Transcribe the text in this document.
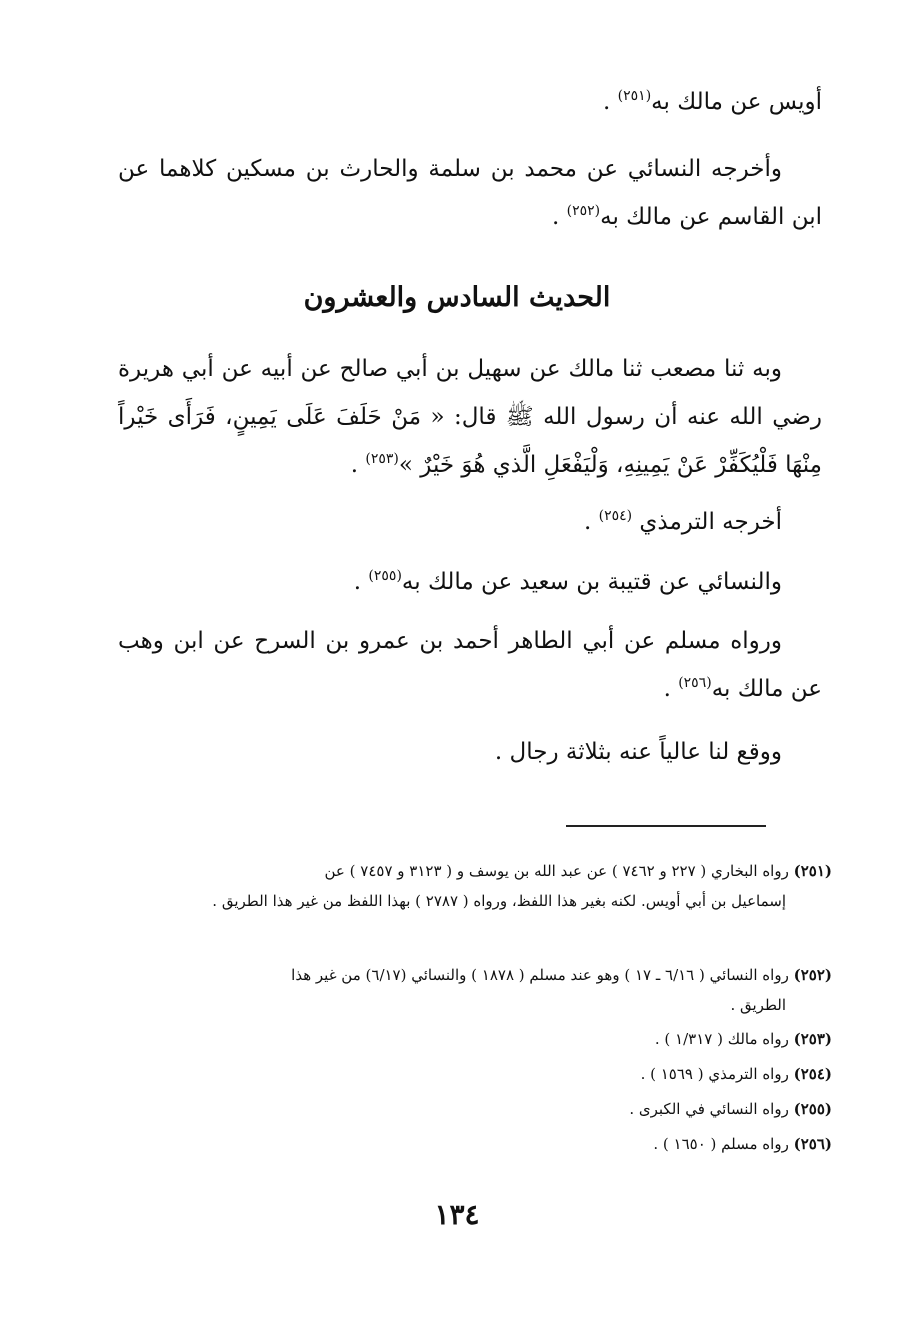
أويس عن مالك به$^{(٢٥١)}$ .

وأخرجه النسائي عن محمد بن سلمة والحارث بن مسكين كلاهما عن ابن القاسم عن مالك به$^{(٢٥٢)}$ .

الحديث السادس والعشرون

وبه ثنا مصعب ثنا مالك عن سهيل بن أبي صالح عن أبيه عن أبي هريرة رضي الله عنه أن رسول الله ﷺ قال: « مَنْ حَلَفَ عَلَى يَمِينٍ، فَرَأَى خَيْراً مِنْهَا فَلْيُكَفِّرْ عَنْ يَمِينِهِ، وَلْيَفْعَلِ الَّذي هُوَ خَيْرٌ »$^{(٢٥٣)}$ .

أخرجه الترمذي $^{(٢٥٤)}$ .

والنسائي عن قتيبة بن سعيد عن مالك به$^{(٢٥٥)}$ .

ورواه مسلم عن أبي الطاهر أحمد بن عمرو بن السرح عن ابن وهب عن مالك به$^{(٢٥٦)}$ .

ووقع لنا عالياً عنه بثلاثة رجال .

(٢٥١) رواه البخاري ( ٢٢٧ و ٧٤٦٢ ) عن عبد الله بن يوسف و ( ٣١٢٣ و ٧٤٥٧ ) عن
إسماعيل بن أبي أويس. لكنه بغير هذا اللفظ، ورواه ( ٢٧٨٧ ) بهذا اللفظ من غير هذا الطريق .

(٢٥٢) رواه النسائي ( ٦/١٦ ـ ١٧ ) وهو عند مسلم ( ١٨٧٨ ) والنسائي (٦/١٧) من غير هذا
الطريق .

(٢٥٣) رواه مالك ( ١/٣١٧ ) .

(٢٥٤) رواه الترمذي ( ١٥٦٩ ) .

(٢٥٥) رواه النسائي في الكبرى .

(٢٥٦) رواه مسلم ( ١٦٥٠ ) .

١٣٤
